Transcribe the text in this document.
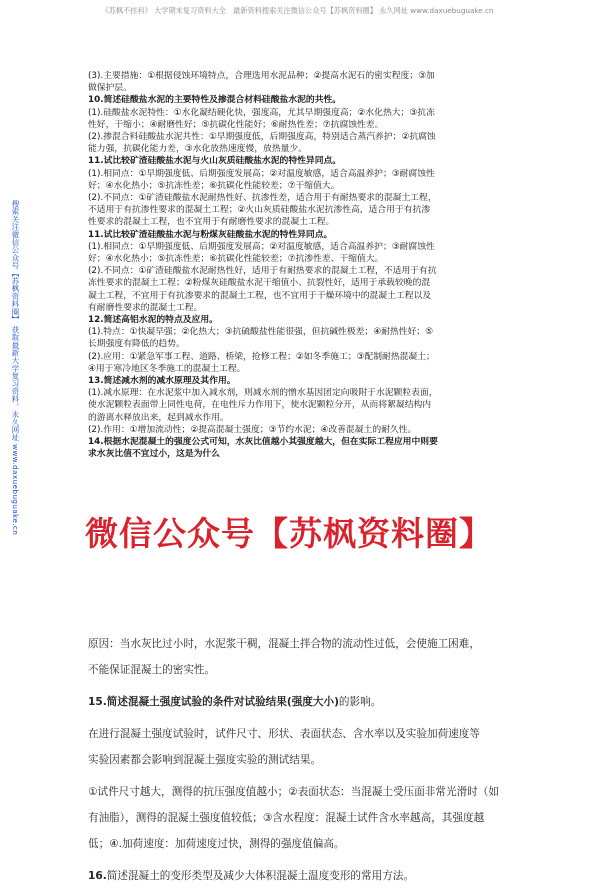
《苏枫不挂科》 大学期末复习资料大全　最新资料搜索关注微信公众号【苏枫资料圈】 永久网址 www.daxuebuguake.cn
搜索关注微信公众号【苏枫资料圈】 获取最新大学复习资料，永久网址 www.daxuebuguake.cn

(3).主要措施：①根据侵蚀环境特点，合理选用水泥品种；②提高水泥石的密实程度；③加

做保护层。

10.简述硅酸盐水泥的主要特性及掺混合材料硅酸盐水泥的共性。

(1).硅酸盐水泥特性：①水化凝结硬化快，强度高，尤其早期强度高；②水化热大；③抗冻

性好，干缩小；④耐磨性好；⑤抗碳化性能好；⑥耐热性差；⑦抗腐蚀性差。

(2).掺混合料硅酸盐水泥共性：①早期强度低，后期强度高，特别适合蒸汽养护；②抗腐蚀

能力强，抗碳化能力差，③水化放热速度慢，放热量少。

11.试比较矿渣硅酸盐水泥与火山灰质硅酸盐水泥的特性异同点。

(1).相同点：①早期强度低、后期强度发展高；②对温度敏感，适合高温养护；③耐腐蚀性

好；④水化热小；⑤抗冻性差；⑥抗碳化性能较差；⑦干缩值大。

(2).不同点：①矿渣硅酸盐水泥耐热性好、抗渗性差，适合用于有耐热要求的混凝土工程，

不适用于有抗渗性要求的混凝土工程；②火山灰质硅酸盐水泥抗渗性高，适合用于有抗渗

性要求的混凝土工程，也不宜用于有耐磨性要求的混凝土工程。

11.试比较矿渣硅酸盐水泥与粉煤灰硅酸盐水泥的特性异同点。

(1).相同点：①早期强度低、后期强度发展高；②对温度敏感，适合高温养护；③耐腐蚀性

好；④水化热小；⑤抗冻性差；⑥抗碳化性能较差；⑦抗渗性差、干缩值大。

(2).不同点：①矿渣硅酸盐水泥耐热性好，适用于有耐热要求的混凝土工程，不适用于有抗

冻性要求的混凝土工程；②粉煤灰硅酸盐水泥干缩值小、抗裂性好，适用于承载较晚的混

凝土工程，不宜用于有抗渗要求的混凝土工程，也不宜用于干燥环境中的混凝土工程以及

有耐磨性要求的混凝土工程。

12.简述高铝水泥的特点及应用。

(1).特点：①快凝早强；②化热大；③抗硫酸盐性能很强，但抗碱性极差；④耐热性好；⑤

长期强度有降低的趋势。

(2).应用：①紧急军事工程、道路、桥梁，抢修工程；②如冬季施工；③配制耐热混凝土；

④用于寒冷地区冬季施工的混凝土工程。

13.简述减水剂的减水原理及其作用。

(1).减水原理：在水泥浆中加入减水剂，则减水剂的憎水基因团定向吸附于水泥颗粒表面，

使水泥颗粒表面带上同性电荷，在电性斥力作用下，使水泥颗粒分开，从而将絮凝结构内

的游离水释放出来，起到减水作用。

(2).作用：①增加流动性；②提高混凝土强度；③节约水泥；④改善混凝土的耐久性。

14.根据水泥混凝土的强度公式可知，水灰比值越小其强度越大，但在实际工程应用中则要

求水灰比值不宜过小，这是为什么

微信公众号【苏枫资料圈】

原因：当水灰比过小时，水泥浆干稠，混凝土拌合物的流动性过低，会使施工困难，

不能保证混凝土的密实性。

15.简述混凝土强度试验的条件对试验结果(强度大小)的影响。

在进行混凝土强度试验时，试件尺寸、形状、表面状态、含水率以及实验加荷速度等

实验因素都会影响到混凝土强度实验的测试结果。

①试件尺寸越大，测得的抗压强度值越小；②表面状态：当混凝土受压面非常光滑时（如

有油脂），测得的混凝土强度值较低；③含水程度：混凝土试件含水率越高，其强度越

低；④.加荷速度：加荷速度过快，测得的强度值偏高。

16.简述混凝土的变形类型及减少大体积混凝土温度变形的常用方法。
